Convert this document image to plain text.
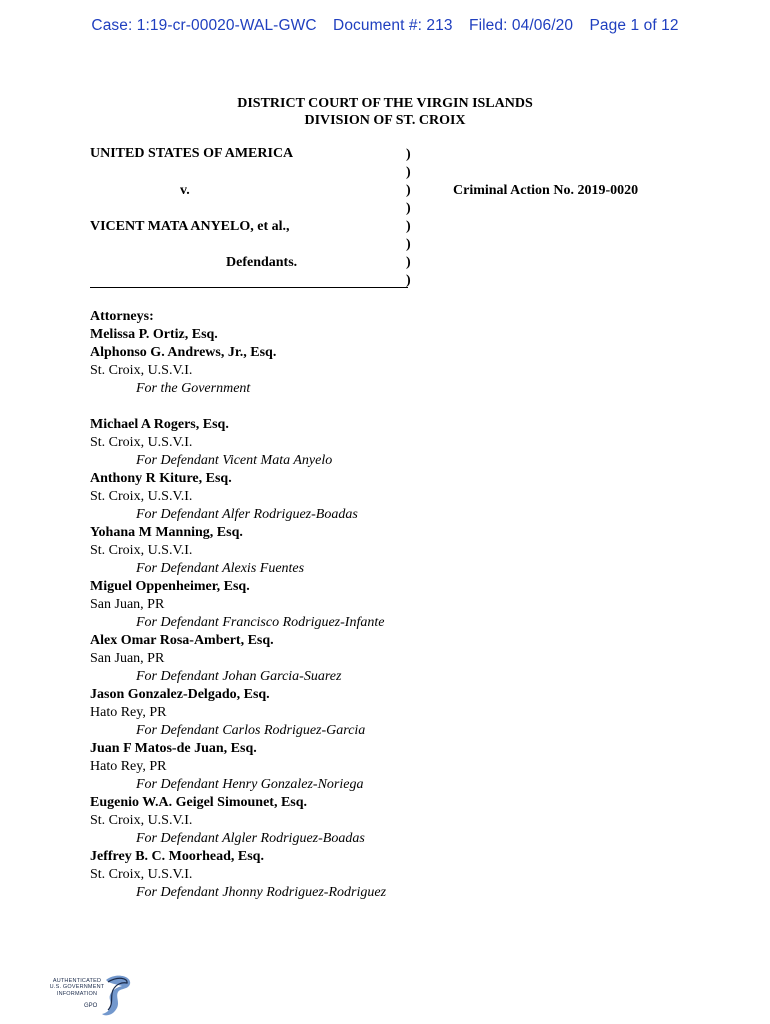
Case: 1:19-cr-00020-WAL-GWC Document #: 213 Filed: 04/06/20 Page 1 of 12
DISTRICT COURT OF THE VIRGIN ISLANDS
DIVISION OF ST. CROIX
UNITED STATES OF AMERICA
v.
VICENT MATA ANYELO, et al.,
Defendants.
)
)
)
)
)
)
)
)
Criminal Action No. 2019-0020
Attorneys:
Melissa P. Ortiz, Esq.
Alphonso G. Andrews, Jr., Esq.
St. Croix, U.S.V.I.
For the Government
Michael A Rogers, Esq.
St. Croix, U.S.V.I.
For Defendant Vicent Mata Anyelo
Anthony R Kiture, Esq.
St. Croix, U.S.V.I.
For Defendant Alfer Rodriguez-Boadas
Yohana M Manning, Esq.
St. Croix, U.S.V.I.
For Defendant Alexis Fuentes
Miguel Oppenheimer, Esq.
San Juan, PR
For Defendant Francisco Rodriguez-Infante
Alex Omar Rosa-Ambert, Esq.
San Juan, PR
For Defendant Johan Garcia-Suarez
Jason Gonzalez-Delgado, Esq.
Hato Rey, PR
For Defendant Carlos Rodriguez-Garcia
Juan F Matos-de Juan, Esq.
Hato Rey, PR
For Defendant Henry Gonzalez-Noriega
Eugenio W.A. Geigel Simounet, Esq.
St. Croix, U.S.V.I.
For Defendant Algler Rodriguez-Boadas
Jeffrey B. C. Moorhead, Esq.
St. Croix, U.S.V.I.
For Defendant Jhonny Rodriguez-Rodriguez
AUTHENTICATED
U.S. GOVERNMENT
INFORMATION
GPO
